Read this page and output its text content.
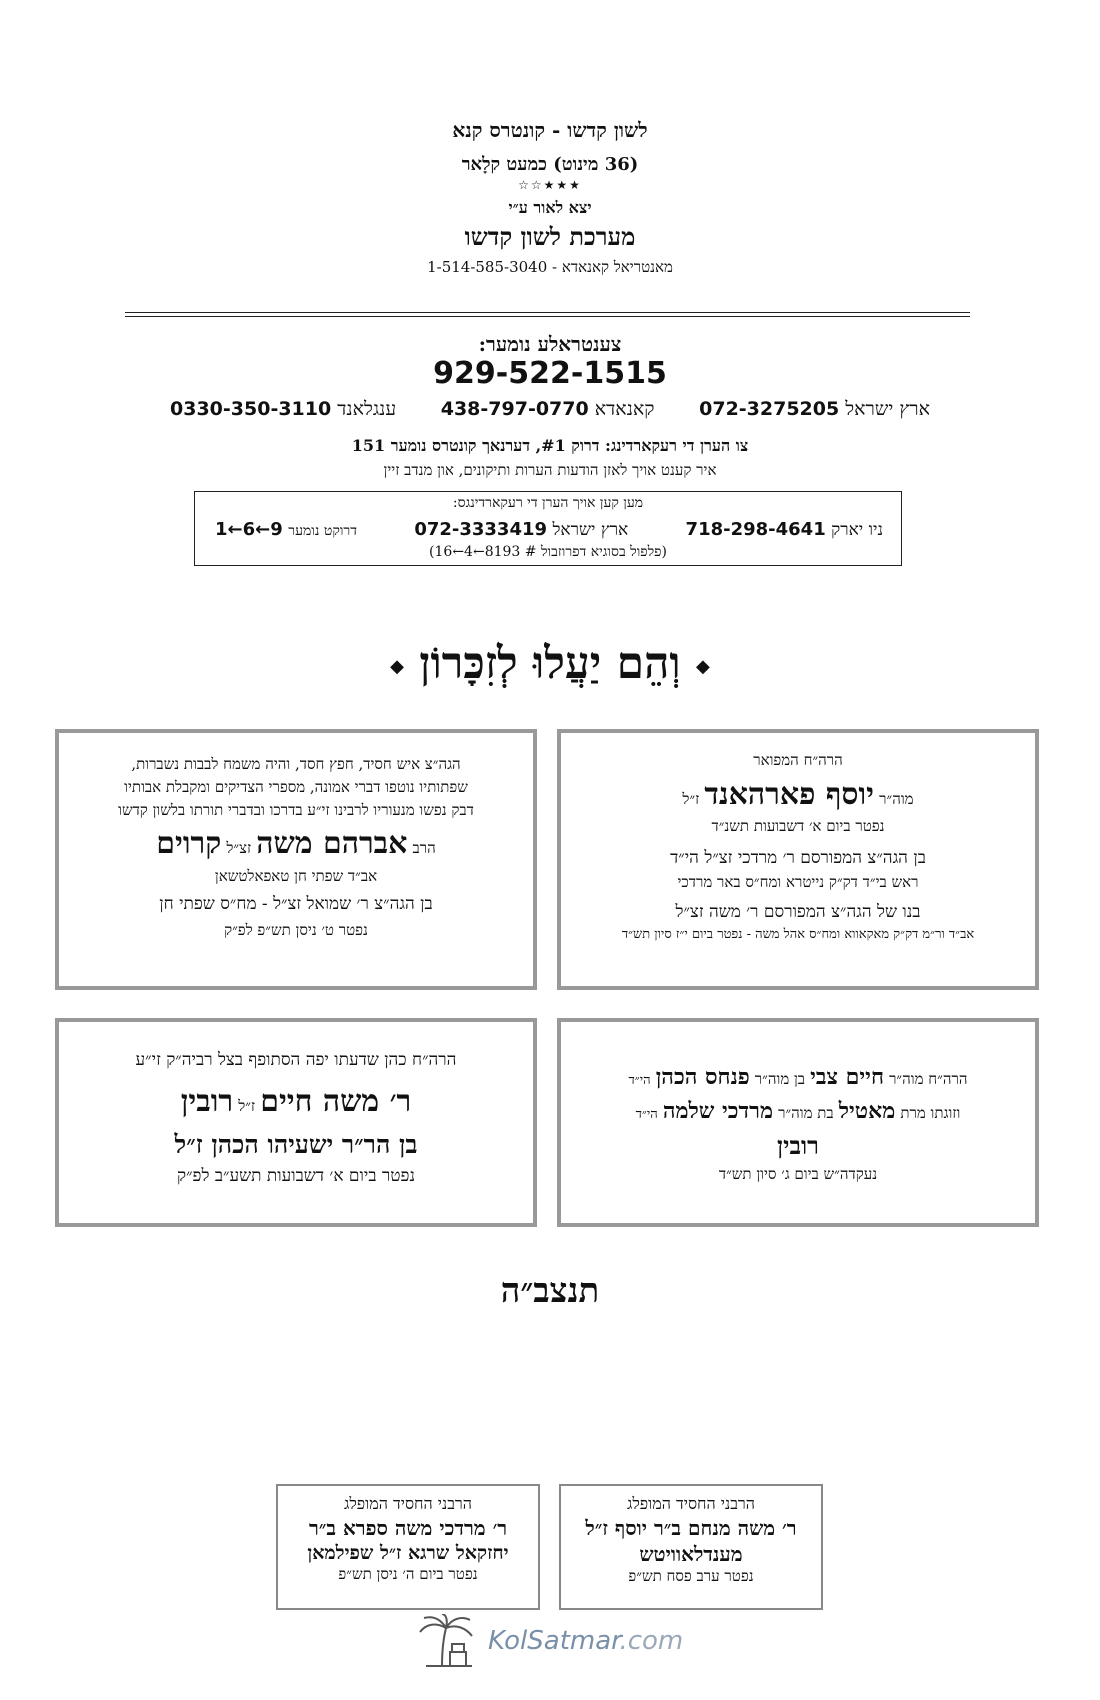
לשון קדשו - קונטרס קנא
(36 מינוט) כמעט קלָאר
★★★☆☆
יצא לאור ע״י
מערכת לשון קדשו
מאנטריאל קאנאדא - 1-514-585-3040
צענטראלע נומער:
929-522-1515
ארץ ישראל 072-3275205
קאנאדא 438-797-0770
ענגלאנד 0330-350-3110
צו הערן די רעקארדינג: דרוק #1, דערנאך קונטרס נומער 151
איר קענט אויך לאזן הודעות הערות ותיקונים, און מנדב זיין
מען קען אויך הערן די רעקארדינגס:
ניו יארק 718-298-4641
ארץ ישראל 072-3333419
דרוקט נומער 9←6←1
(פלפול בסוגיא דפרוזבול # 8193←4←16)
◆ וְהֵם יַעֲלוּ לְזִכָּרוֹן ◆
הרה״ח המפואר
מוה״ר יוסף פארהאנד ז״ל
נפטר ביום א׳ דשבועות תשנ״ד
בן הגה״צ המפורסם ר׳ מרדכי זצ״ל הי״ד
ראש בי״ד דק״ק נייטרא ומח״ס באר מרדכי
בנו של הגה״צ המפורסם ר׳ משה זצ״ל
אב״ד ור״מ דק״ק מאקאווא ומח״ס אהל משה - נפטר ביום י״ז סיון תש״ד
הגה״צ איש חסיד, חפץ חסד, והיה משמח לבבות נשברות,
שפתותיו נוטפו דברי אמונה, מספרי הצדיקים ומקבלת אבותיו
דבק נפשו מנעוריו לרבינו זי״ע בדרכו ובדברי תורתו בלשון קדשו
הרב אברהם משה זצ״ל קרוים
אב״ד שפתי חן טאפאלטשאן
בן הגה״צ ר׳ שמואל זצ״ל - מח״ס שפתי חן
נפטר ט׳ ניסן תש״פ לפ״ק
הרה״ח מוה״ר חיים צבי בן מוה״ר פנחס הכהן הי״ד
וזוגתו מרת מאטיל בת מוה״ר מרדכי שלמה הי״ד
רובין
נעקדה״ש ביום ג׳ סיון תש״ד
הרה״ח כהן שדעתו יפה הסתופף בצל רביה״ק זי״ע
ר׳ משה חיים ז״ל רובין
בן הר״ר ישעיהו הכהן ז״ל
נפטר ביום א׳ דשבועות תשע״ב לפ״ק
תנצב״ה
הרבני החסיד המופלג
ר׳ משה מנחם ב״ר יוסף ז״ל
מענדלאוויטש
נפטר ערב פסח תש״פ
הרבני החסיד המופלג
ר׳ מרדכי משה ספרא ב״ר
יחזקאל שרגא ז״ל שפילמאן
נפטר ביום ה׳ ניסן תש״פ
KolSatmar.com
